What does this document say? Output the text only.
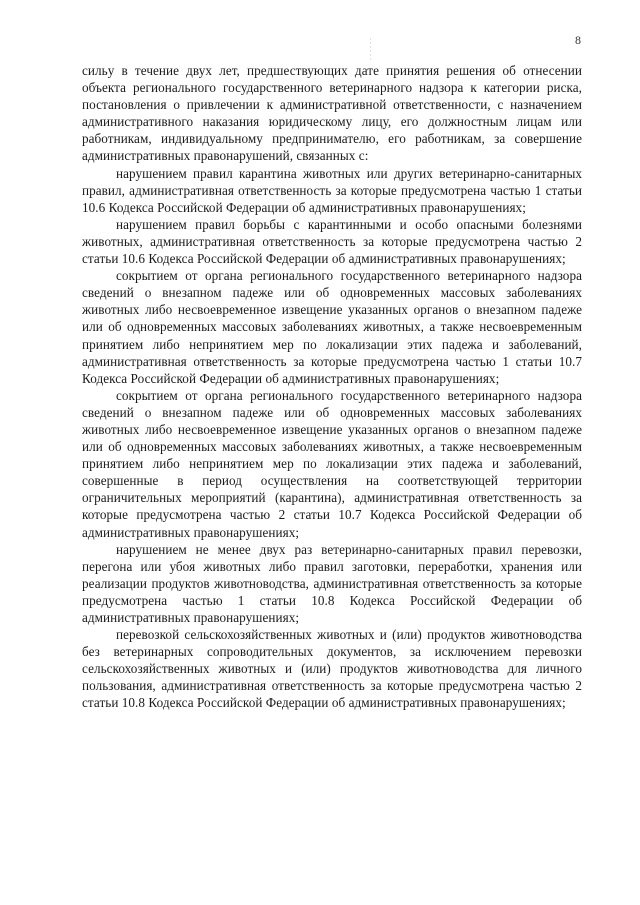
8

сильу в течение двух лет, предшествующих дате принятия решения об отнесении объекта регионального государственного ветеринарного надзора к категории риска, постановления о привлечении к административной ответственности, с назначением административного наказания юридическому лицу, его должностным лицам или работникам, индивидуальному предпринимателю, его работникам, за совершение административных правонарушений, связанных с:

нарушением правил карантина животных или других ветеринарно-санитарных правил, административная ответственность за которые предусмотрена частью 1 статьи 10.6 Кодекса Российской Федерации об административных правонарушениях;

нарушением правил борьбы с карантинными и особо опасными болезнями животных, административная ответственность за которые предусмотрена частью 2 статьи 10.6 Кодекса Российской Федерации об административных правонарушениях;

сокрытием от органа регионального государственного ветеринарного надзора сведений о внезапном падеже или об одновременных массовых заболеваниях животных либо несвоевременное извещение указанных органов о внезапном падеже или об одновременных массовых заболеваниях животных, а также несвоевременным принятием либо непринятием мер по локализации этих падежа и заболеваний, административная ответственность за которые предусмотрена частью 1 статьи 10.7 Кодекса Российской Федерации об административных правонарушениях;

сокрытием от органа регионального государственного ветеринарного надзора сведений о внезапном падеже или об одновременных массовых заболеваниях животных либо несвоевременное извещение указанных органов о внезапном падеже или об одновременных массовых заболеваниях животных, а также несвоевременным принятием либо непринятием мер по локализации этих падежа и заболеваний, совершенные в период осуществления на соответствующей территории ограничительных мероприятий (карантина), административная ответственность за которые предусмотрена частью 2 статьи 10.7 Кодекса Российской Федерации об административных правонарушениях;

нарушением не менее двух раз ветеринарно-санитарных правил перевозки, перегона или убоя животных либо правил заготовки, переработки, хранения или реализации продуктов животноводства, административная ответственность за которые предусмотрена частью 1 статьи 10.8 Кодекса Российской Федерации об административных правонарушениях;

перевозкой сельскохозяйственных животных и (или) продуктов животноводства без ветеринарных сопроводительных документов, за исключением перевозки сельскохозяйственных животных и (или) продуктов животноводства для личного пользования, административная ответственность за которые предусмотрена частью 2 статьи 10.8 Кодекса Российской Федерации об административных правонарушениях;
